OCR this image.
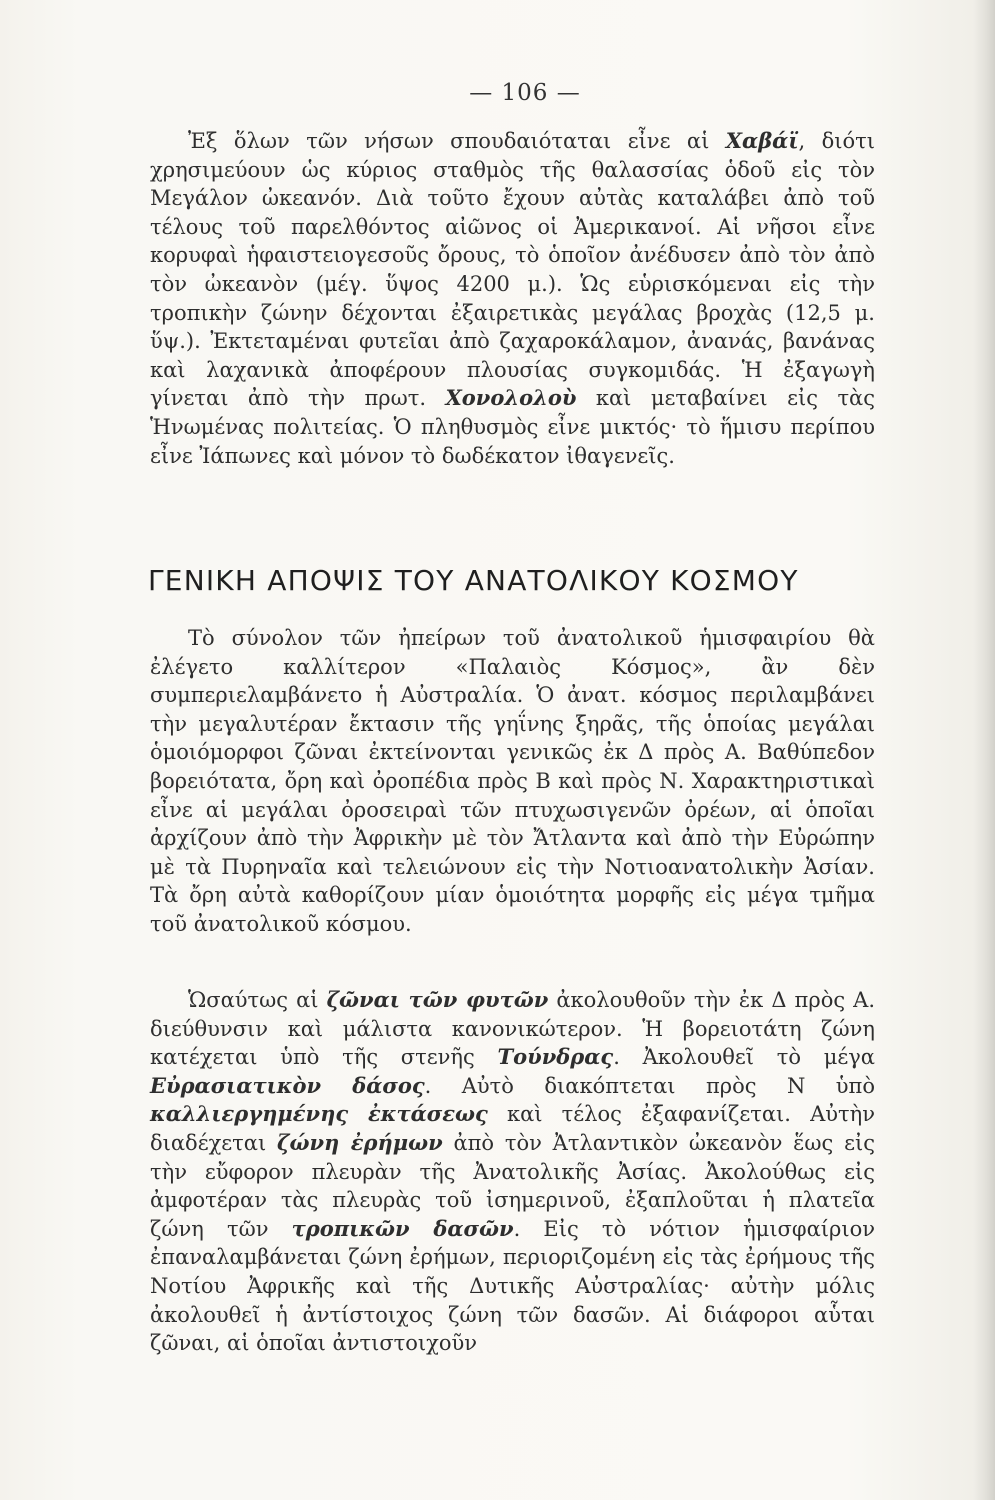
— 106 —

Ἐξ ὅλων τῶν νήσων σπουδαιόταται εἶνε αἱ Χαβάϊ, διότι χρησιμεύουν ὡς κύριος σταθμὸς τῆς θαλασσίας ὁδοῦ εἰς τὸν Μεγάλον ὠκεανόν. Διὰ τοῦτο ἔχουν αὐτὰς καταλάβει ἀπὸ τοῦ τέλους τοῦ παρελθόντος αἰῶνος οἱ Ἀμερικανοί. Αἱ νῆσοι εἶνε κορυφαὶ ἡφαιστειογεσοῦς ὄρους, τὸ ὁποῖον ἀνέδυσεν ἀπὸ τὸν ἀπὸ τὸν ὠκεανὸν (μέγ. ὕψος 4200 μ.). Ὡς εὑρισκόμεναι εἰς τὴν τροπικὴν ζώνην δέχονται ἐξαιρετικὰς μεγάλας βροχὰς (12,5 μ. ὕψ.). Ἐκτεταμέναι φυτεῖαι ἀπὸ ζαχαροκάλαμον, ἀνανάς, βανάνας καὶ λαχανικὰ ἀποφέρουν πλουσίας συγκομιδάς. Ἡ ἐξαγωγὴ γίνεται ἀπὸ τὴν πρωτ. Χονολολοὺ καὶ μεταβαίνει εἰς τὰς Ἡνωμένας πολιτείας. Ὁ πληθυσμὸς εἶνε μικτός· τὸ ἥμισυ περίπου εἶνε Ἰάπωνες καὶ μόνον τὸ δωδέκατον ἰθαγενεῖς.

ΓΕΝΙΚΗ ΑΠΟΨΙΣ ΤΟΥ ΑΝΑΤΟΛΙΚΟΥ ΚΟΣΜΟΥ

Τὸ σύνολον τῶν ἠπείρων τοῦ ἀνατολικοῦ ἡμισφαιρίου θὰ ἐλέγετο καλλίτερον «Παλαιὸς Κόσμος», ἂν δὲν συμπεριελαμβάνετο ἡ Αὐστραλία. Ὁ ἀνατ. κόσμος περιλαμβάνει τὴν μεγαλυτέραν ἔκτασιν τῆς γηΐνης ξηρᾶς, τῆς ὁποίας μεγάλαι ὁμοιόμορφοι ζῶναι ἐκτείνονται γενικῶς ἐκ Δ πρὸς Α. Βαθύπεδον βορειότατα, ὄρη καὶ ὀροπέδια πρὸς Β καὶ πρὸς Ν. Χαρακτηριστικαὶ εἶνε αἱ μεγάλαι ὀροσειραὶ τῶν πτυχωσιγενῶν ὀρέων, αἱ ὁποῖαι ἀρχίζουν ἀπὸ τὴν Ἀφρικὴν μὲ τὸν Ἄτλαντα καὶ ἀπὸ τὴν Εὐρώπην μὲ τὰ Πυρηναῖα καὶ τελειώνουν εἰς τὴν Νοτιοανατολικὴν Ἀσίαν. Τὰ ὄρη αὐτὰ καθορίζουν μίαν ὁμοιότητα μορφῆς εἰς μέγα τμῆμα τοῦ ἀνατολικοῦ κόσμου.

Ὡσαύτως αἱ ζῶναι τῶν φυτῶν ἀκολουθοῦν τὴν ἐκ Δ πρὸς Α. διεύθυνσιν καὶ μάλιστα κανονικώτερον. Ἡ βορειοτάτη ζώνη κατέχεται ὑπὸ τῆς στενῆς Τούνδρας. Ἀκολουθεῖ τὸ μέγα Εὐρασιατικὸν δάσος. Αὐτὸ διακόπτεται πρὸς Ν ὑπὸ καλλιεργημένης ἐκτάσεως καὶ τέλος ἐξαφανίζεται. Αὐτὴν διαδέχεται ζώνη ἐρήμων ἀπὸ τὸν Ἀτλαντικὸν ὠκεανὸν ἕως εἰς τὴν εὔφορον πλευρὰν τῆς Ἀνατολικῆς Ἀσίας. Ἀκολούθως εἰς ἀμφοτέραν τὰς πλευρὰς τοῦ ἰσημερινοῦ, ἐξαπλοῦται ἡ πλατεῖα ζώνη τῶν τροπικῶν δασῶν. Εἰς τὸ νότιον ἡμισφαίριον ἐπαναλαμβάνεται ζώνη ἐρήμων, περιοριζομένη εἰς τὰς ἐρήμους τῆς Νοτίου Ἀφρικῆς καὶ τῆς Δυτικῆς Αὐστραλίας· αὐτὴν μόλις ἀκολουθεῖ ἡ ἀντίστοιχος ζώνη τῶν δασῶν. Αἱ διάφοροι αὗται ζῶναι, αἱ ὁποῖαι ἀντιστοιχοῦν
